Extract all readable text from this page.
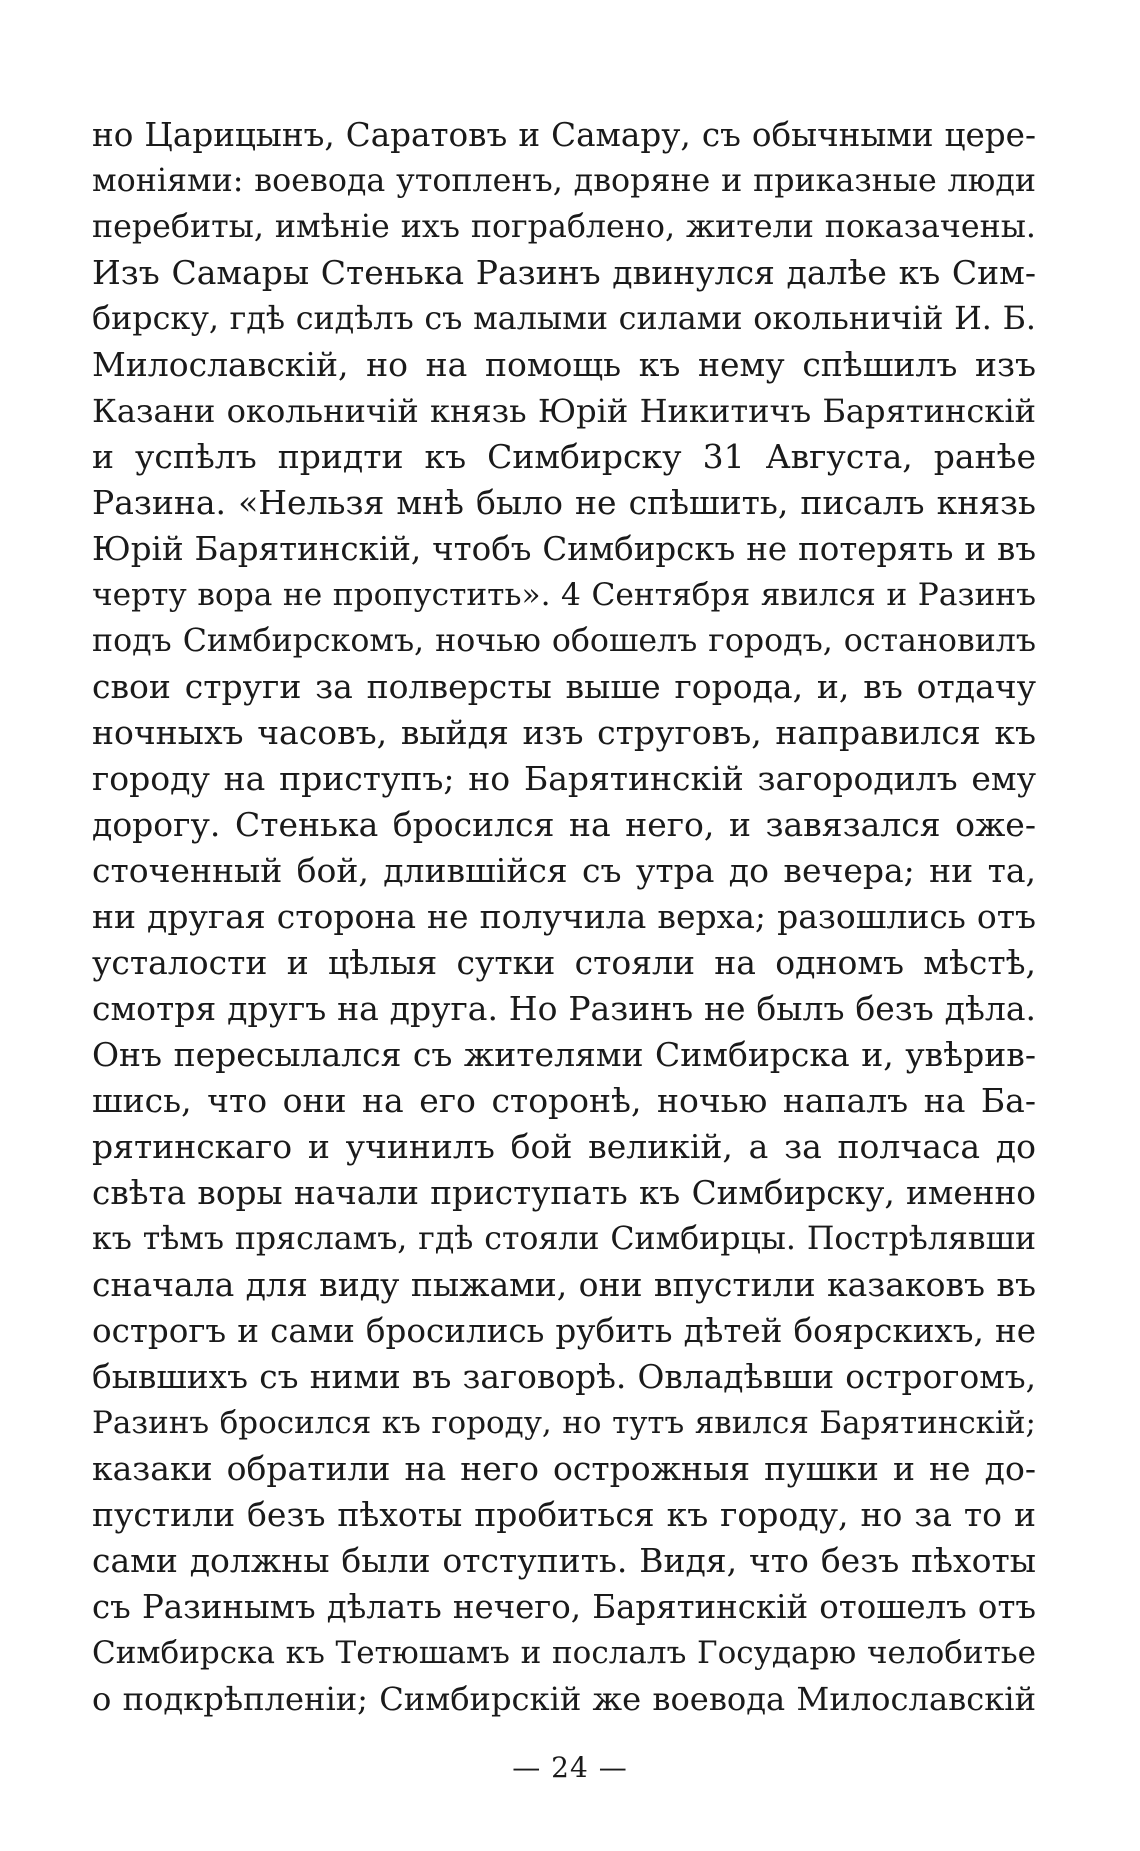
но Царицынъ, Саратовъ и Самару, съ обычными цере-
моніями: воевода утопленъ, дворяне и приказные люди
перебиты, имѣніе ихъ пограблено, жители показачены.
Изъ Самары Стенька Разинъ двинулся далѣе къ Сим-
бирску, гдѣ сидѣлъ съ малыми силами окольничій И. Б.
Милославскій, но на помощь къ нему спѣшилъ изъ
Казани окольничій князь Юрій Никитичъ Барятинскій
и успѣлъ придти къ Симбирску 31 Августа, ранѣе
Разина. «Нельзя мнѣ было не спѣшить, писалъ князь
Юрій Барятинскій, чтобъ Симбирскъ не потерять и въ
черту вора не пропустить». 4 Сентября явился и Разинъ
подъ Симбирскомъ, ночью обошелъ городъ, остановилъ
свои струги за полверсты выше города, и, въ отдачу
ночныхъ часовъ, выйдя изъ струговъ, направился къ
городу на приступъ; но Барятинскій загородилъ ему
дорогу. Стенька бросился на него, и завязался оже-
сточенный бой, длившійся съ утра до вечера; ни та,
ни другая сторона не получила верха; разошлись отъ
усталости и цѣлыя сутки стояли на одномъ мѣстѣ,
смотря другъ на друга. Но Разинъ не былъ безъ дѣла.
Онъ пересылался съ жителями Симбирска и, увѣрив-
шись, что они на его сторонѣ, ночью напалъ на Ба-
рятинскаго и учинилъ бой великій, а за полчаса до
свѣта воры начали приступать къ Симбирску, именно
къ тѣмъ прясламъ, гдѣ стояли Симбирцы. Пострѣлявши
сначала для виду пыжами, они впустили казаковъ въ
острогъ и сами бросились рубить дѣтей боярскихъ, не
бывшихъ съ ними въ заговорѣ. Овладѣвши острогомъ,
Разинъ бросился къ городу, но тутъ явился Барятинскій;
казаки обратили на него острожныя пушки и не до-
пустили безъ пѣхоты пробиться къ городу, но за то и
сами должны были отступить. Видя, что безъ пѣхоты
съ Разинымъ дѣлать нечего, Барятинскій отошелъ отъ
Симбирска къ Тетюшамъ и послалъ Государю челобитье
о подкрѣпленіи; Симбирскій же воевода Милославскій
— 24 —
